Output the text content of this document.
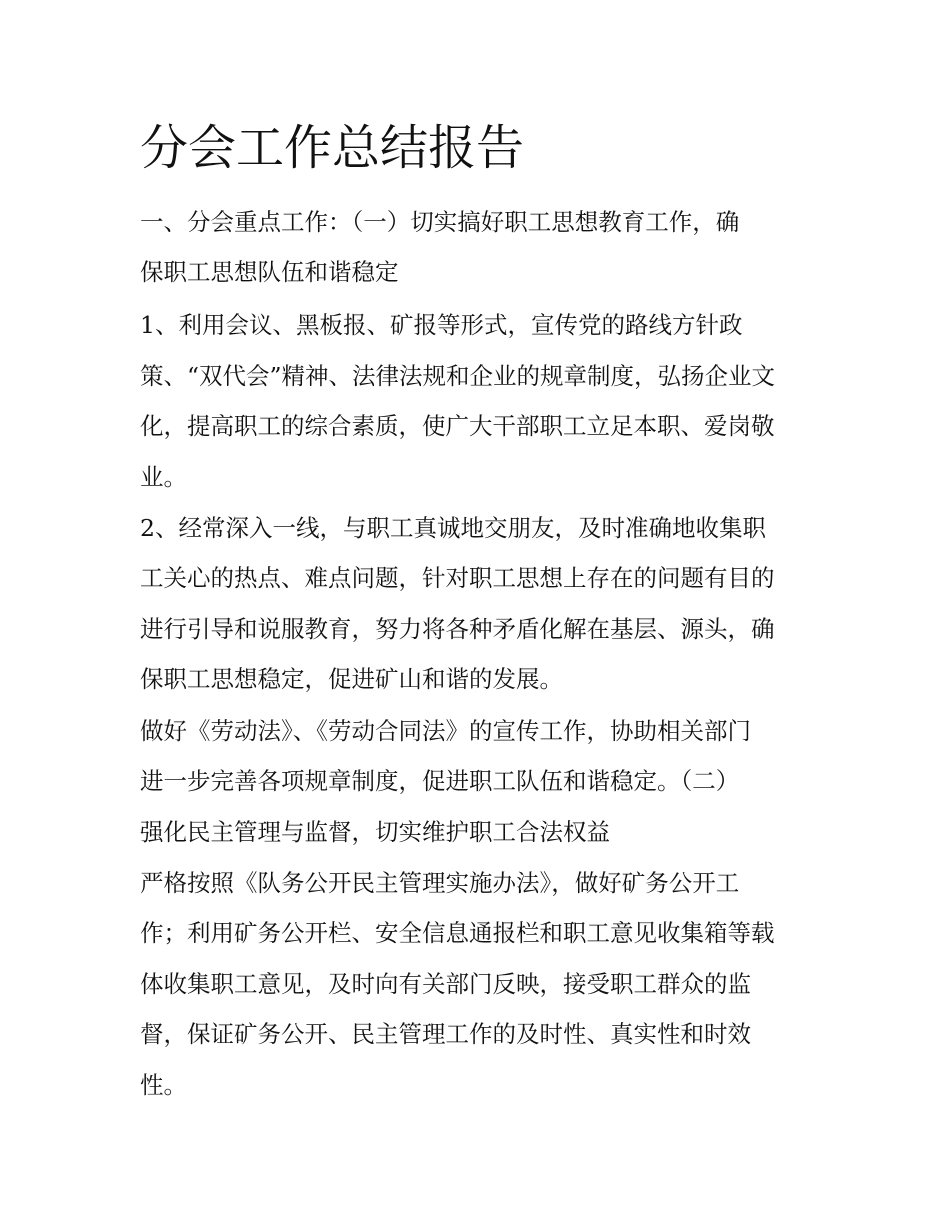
分会工作总结报告

一、分会重点工作：（一）切实搞好职工思想教育工作，确

保职工思想队伍和谐稳定

1、利用会议、黑板报、矿报等形式，宣传党的路线方针政

策、“双代会”精神、法律法规和企业的规章制度，弘扬企业文

化，提高职工的综合素质，使广大干部职工立足本职、爱岗敬

业。

2、经常深入一线，与职工真诚地交朋友，及时准确地收集职

工关心的热点、难点问题，针对职工思想上存在的问题有目的

进行引导和说服教育，努力将各种矛盾化解在基层、源头，确

保职工思想稳定，促进矿山和谐的发展。

做好《劳动法》、《劳动合同法》的宣传工作，协助相关部门

进一步完善各项规章制度，促进职工队伍和谐稳定。（二）

强化民主管理与监督，切实维护职工合法权益

严格按照《队务公开民主管理实施办法》，做好矿务公开工

作；利用矿务公开栏、安全信息通报栏和职工意见收集箱等载

体收集职工意见，及时向有关部门反映，接受职工群众的监

督，保证矿务公开、民主管理工作的及时性、真实性和时效

性。
